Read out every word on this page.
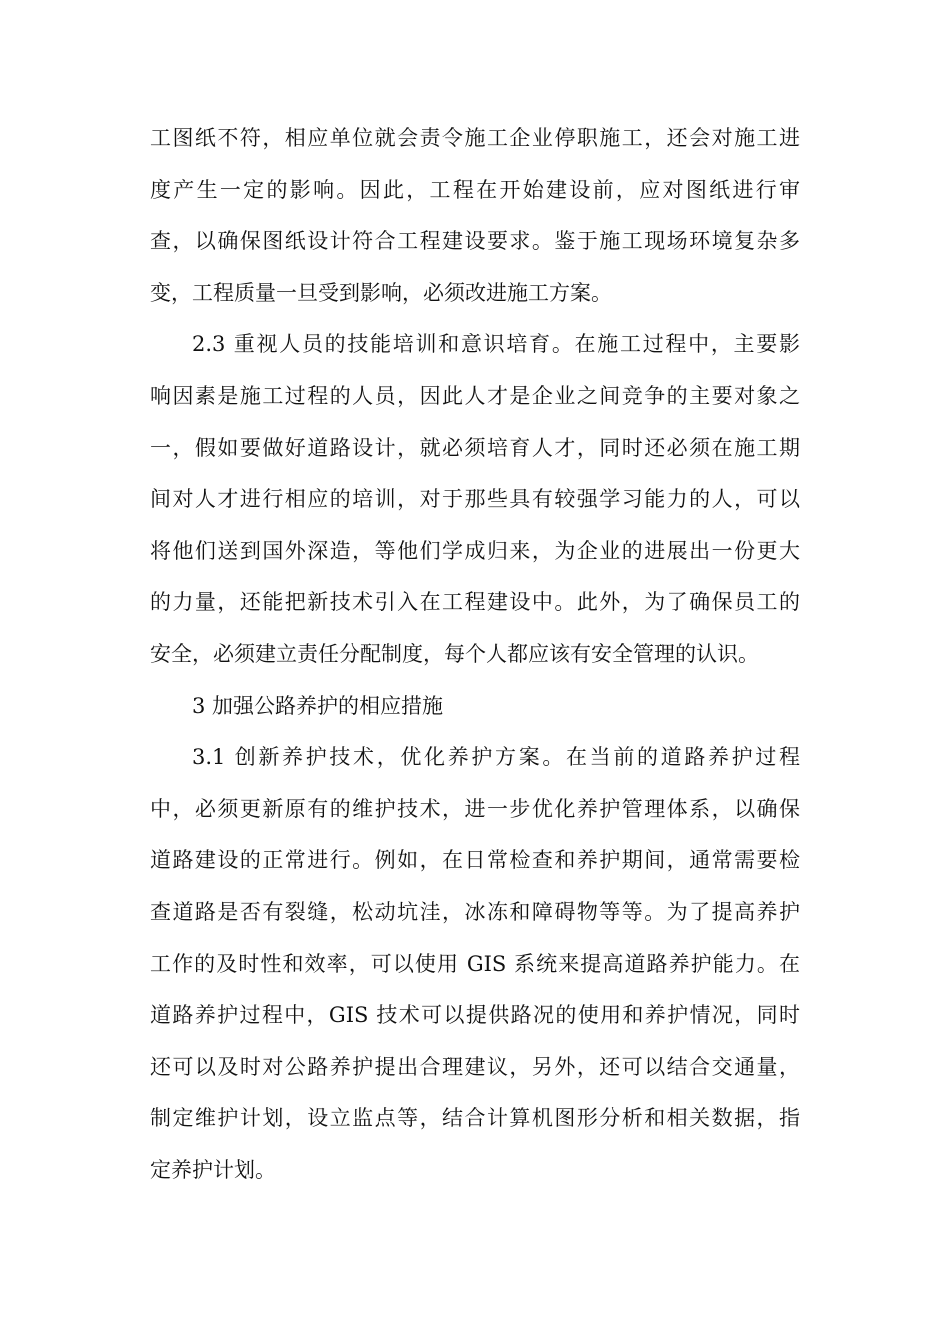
工图纸不符，相应单位就会责令施工企业停职施工，还会对施工进
度产生一定的影响。因此，工程在开始建设前，应对图纸进行审
查，以确保图纸设计符合工程建设要求。鉴于施工现场环境复杂多
变，工程质量一旦受到影响，必须改进施工方案。
2.3 重视人员的技能培训和意识培育。在施工过程中，主要影
响因素是施工过程的人员，因此人才是企业之间竞争的主要对象之
一，假如要做好道路设计，就必须培育人才，同时还必须在施工期
间对人才进行相应的培训，对于那些具有较强学习能力的人，可以
将他们送到国外深造，等他们学成归来，为企业的进展出一份更大
的力量，还能把新技术引入在工程建设中。此外，为了确保员工的
安全，必须建立责任分配制度，每个人都应该有安全管理的认识。
3 加强公路养护的相应措施
3.1 创新养护技术，优化养护方案。在当前的道路养护过程
中，必须更新原有的维护技术，进一步优化养护管理体系，以确保
道路建设的正常进行。例如，在日常检查和养护期间，通常需要检
查道路是否有裂缝，松动坑洼，冰冻和障碍物等等。为了提高养护
工作的及时性和效率，可以使用 GIS 系统来提高道路养护能力。在
道路养护过程中，GIS 技术可以提供路况的使用和养护情况，同时
还可以及时对公路养护提出合理建议，另外，还可以结合交通量，
制定维护计划，设立监点等，结合计算机图形分析和相关数据，指
定养护计划。
